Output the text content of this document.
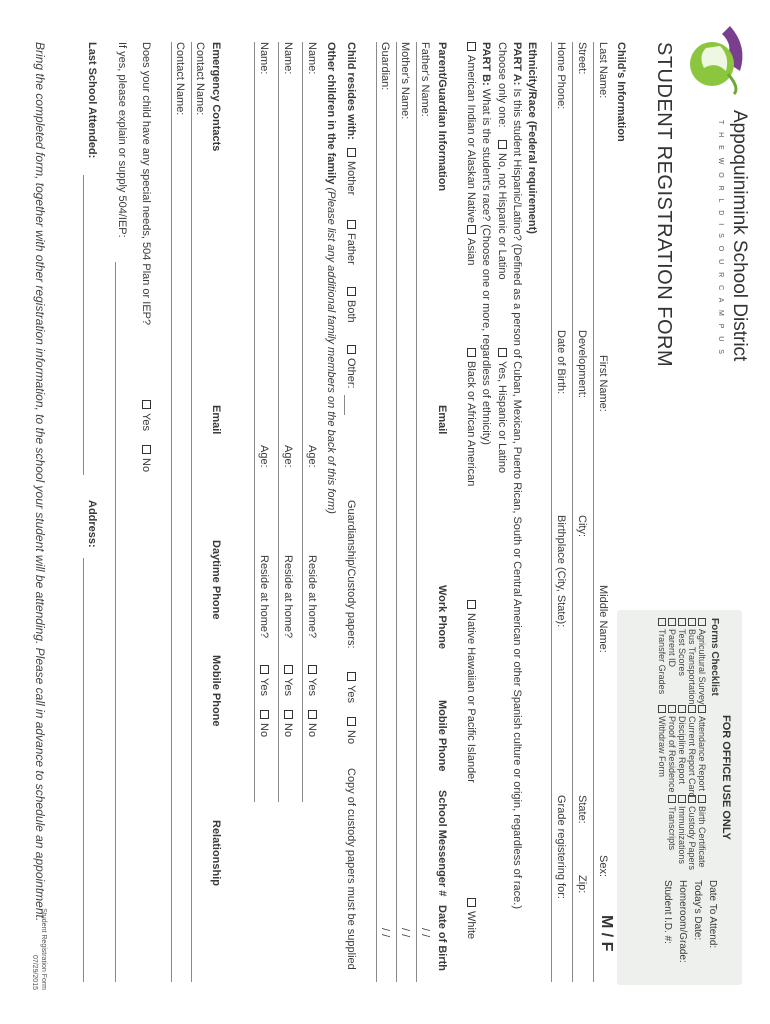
Appoquinimink School District
T H E W O R L D I S O U R C A M P U S
STUDENT REGISTRATION FORM
FOR OFFICE USE ONLY
Forms Checklist
Agricultural Survey
Bus Transportation
Test Scores
Parent ID
Transfer Grades
Attendance Report
Current Report Card
Discipline Report
Proof of Residence
Withdraw Form
Birth Certificate
Custody Papers
Immunizations
Transcripts
Date To Attend:
Today's Date:
Homeroom/Grade:
Student I.D. #:
Child's Information
Last Name:
First Name:
Middle Name:
Sex:
M / F
Street:
Development:
City:
State:
Zip:
Home Phone:
Date of Birth:
Birthplace (City, State):
Grade registering for:
Ethnicity/Race (Federal requirement)
PART A: Is this student Hispanic/Latino? (Defined as a person of Cuban, Mexican, Puerto Rican, South or Central American or other Spanish culture or origin, regardless of race.)
Choose only one:
No, not Hispanic or Latino
Yes, Hispanic or Latino
PART B: What is the student's race? (Choose one or more, regardless of ethnicity)
American Indian or Alaskan Native
Asian
Black or African American
Native Hawaiian or Pacific Islander
White
Parent/Guardian Information
Email
Work Phone
Mobile Phone
School Messenger #
Date of Birth
Father's Name:
/ /
Mother's Name:
/ /
Guardian:
/ /
Child resides with:
Mother
Father
Both
Other:
Guardianship/Custody papers:
Yes
No
Copy of custody papers must be supplied
Other children in the family (Please list any additional family members on the back of this form)
Name:
Age:
Reside at home?
Yes
No
Name:
Age:
Reside at home?
Yes
No
Name:
Age:
Reside at home?
Yes
No
Emergency Contacts
Email
Daytime Phone
Mobile Phone
Relationship
Contact Name:
Contact Name:
Does your child have any special needs, 504 Plan or IEP?
Yes
No
If yes, please explain or supply 504/IEP:
Last School Attended:
Address:
Bring the completed form, together with other registration information, to the school your student will be attending. Please call in advance to schedule an appointment.
Student Registration Form
07/29/2015
